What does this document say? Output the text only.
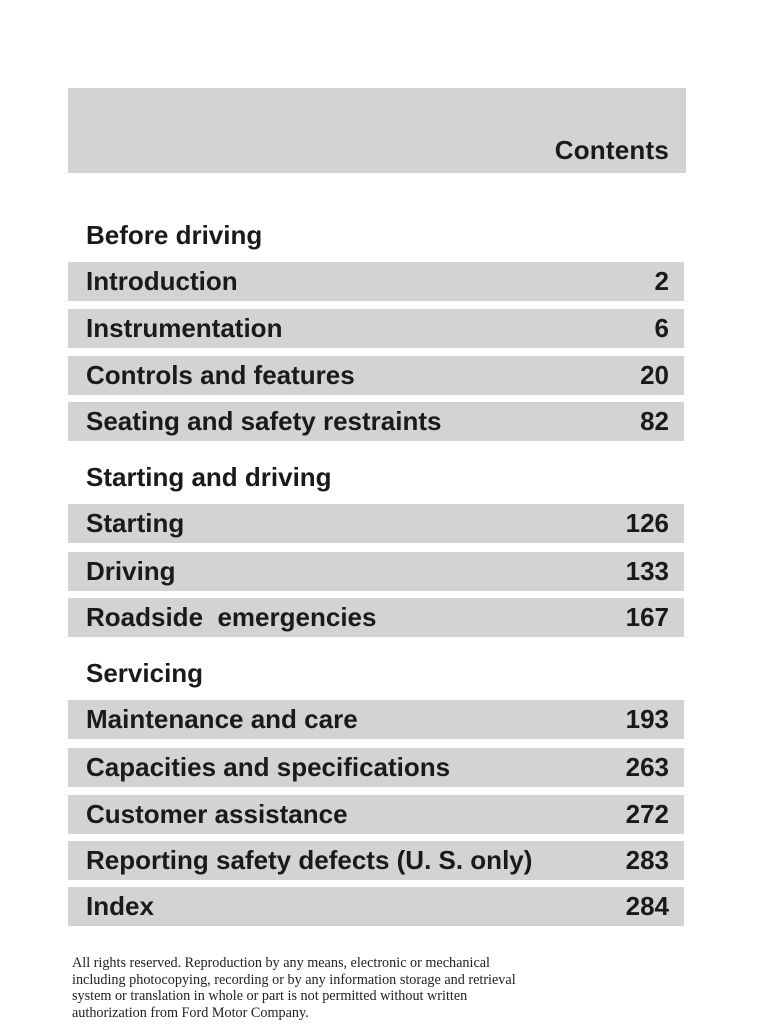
Contents
Before driving
Introduction	2
Instrumentation	6
Controls and features	20
Seating and safety restraints	82
Starting and driving
Starting	126
Driving	133
Roadside  emergencies	167
Servicing
Maintenance and care	193
Capacities and specifications	263
Customer assistance	272
Reporting safety defects (U. S. only)	283
Index	284
All rights reserved. Reproduction by any means, electronic or mechanical
including photocopying, recording or by any information storage and retrieval
system or translation in whole or part is not permitted without written
authorization from Ford Motor Company.
